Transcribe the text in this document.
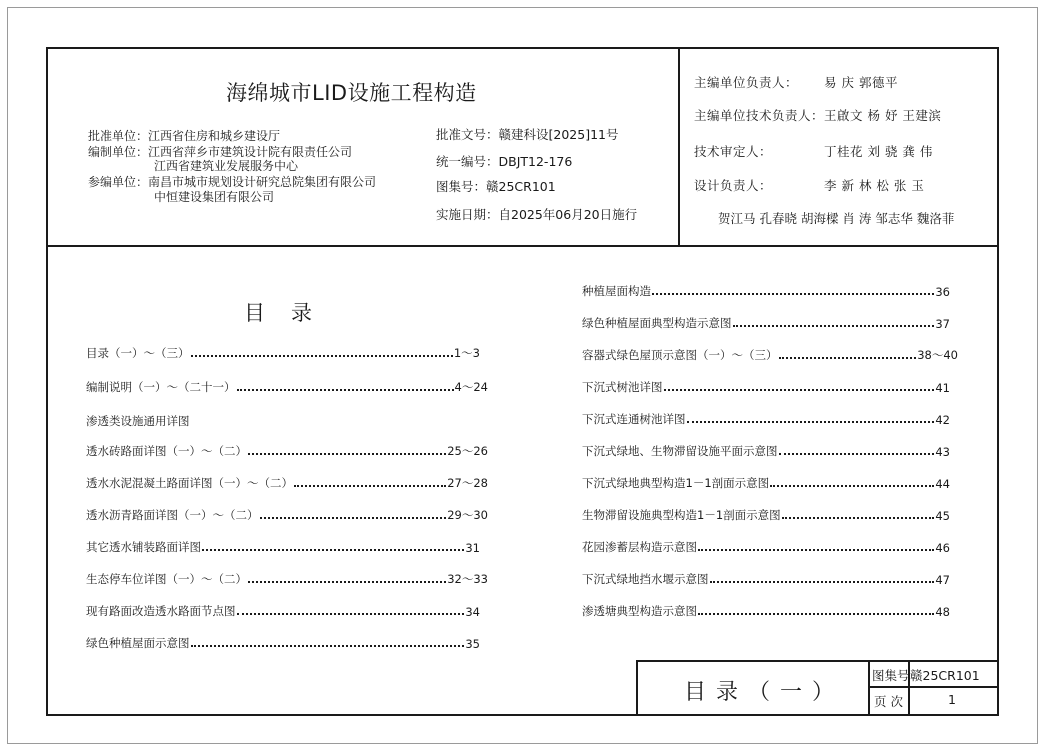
海绵城市LID设施工程构造
批准单位：江西省住房和城乡建设厅
编制单位：江西省萍乡市建筑设计院有限责任公司
江西省建筑业发展服务中心
参编单位：南昌市城市规划设计研究总院集团有限公司
中恒建设集团有限公司
批准文号：赣建科设[2025]11号
统一编号：DBJT12-176
图集号：赣25CR101
实施日期：自2025年06月20日施行
主编单位负责人： 易 庆 郭德平
主编单位技术负责人： 王啟文 杨 妤 王建滨
技术审定人：	丁桂花 刘 骁 龚 伟
设计负责人：	李 新 林 松 张 玉
贺江马 孔春晓 胡海樑 肖 涛 邹志华 魏洛菲
目录
目录（一）～（三）	1～3
编制说明（一）～（二十一）	4～24
渗透类设施通用详图
透水砖路面详图（一）～（二）	25～26
透水水泥混凝土路面详图（一）～（二）	27～28
透水沥青路面详图（一）～（二）	29～30
其它透水铺装路面详图	31
生态停车位详图（一）～（二）	32～33
现有路面改造透水路面节点图	34
绿色种植屋面示意图	35
种植屋面构造	36
绿色种植屋面典型构造示意图	37
容器式绿色屋顶示意图（一）～（三）	38～40
下沉式树池详图	41
下沉式连通树池详图	42
下沉式绿地、生物滞留设施平面示意图	43
下沉式绿地典型构造1－1剖面示意图	44
生物滞留设施典型构造1－1剖面示意图	45
花园渗蓄层构造示意图	46
下沉式绿地挡水堰示意图	47
渗透塘典型构造示意图	48
目录（一）
图集号 赣25CR101
页 次	1
